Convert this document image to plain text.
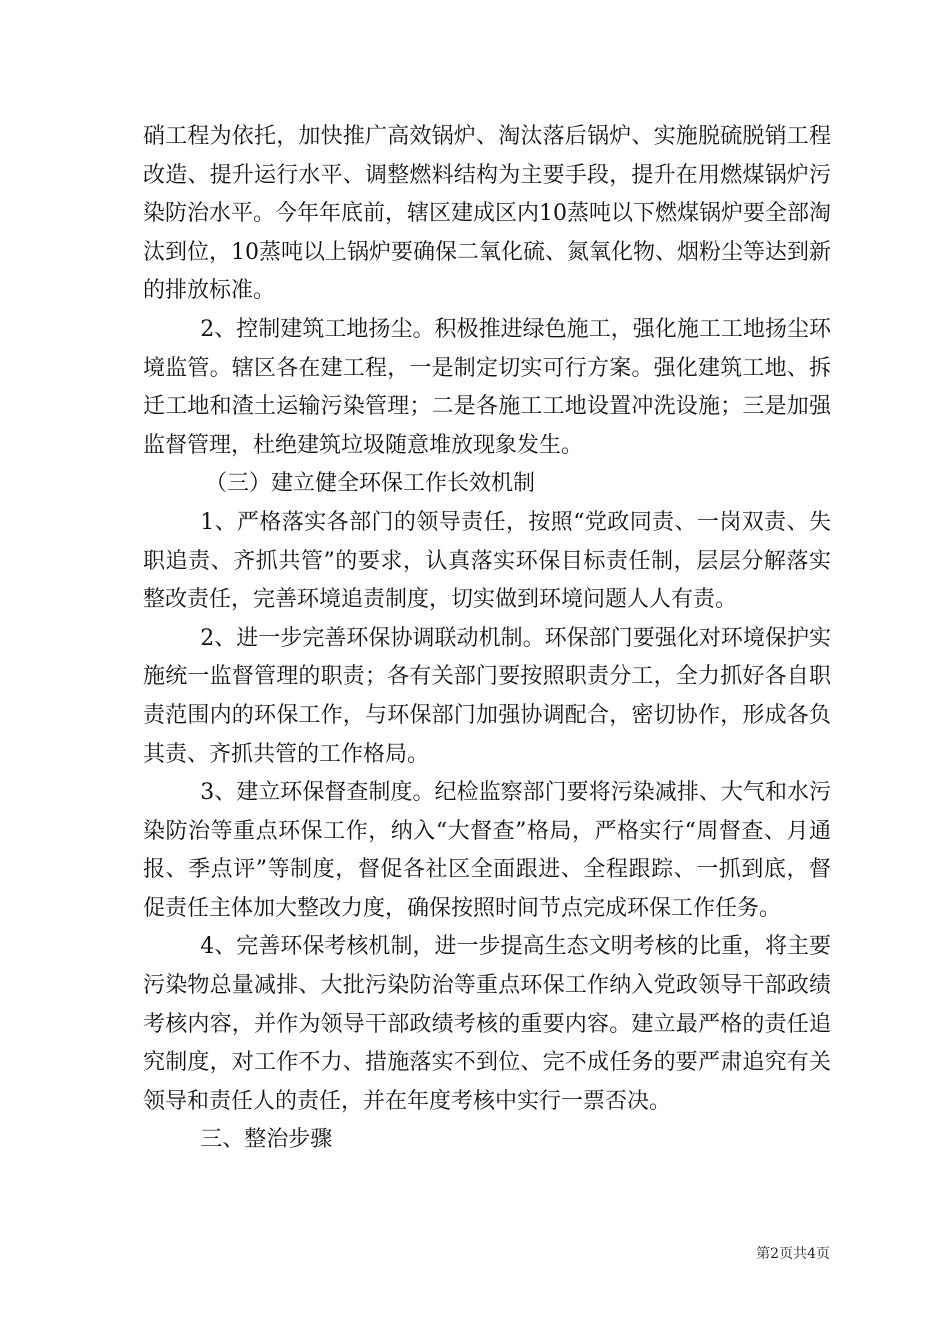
硝工程为依托，加快推广高效锅炉、淘汰落后锅炉、实施脱硫脱销工程改造、提升运行水平、调整燃料结构为主要手段，提升在用燃煤锅炉污染防治水平。今年年底前，辖区建成区内10蒸吨以下燃煤锅炉要全部淘汰到位，10蒸吨以上锅炉要确保二氧化硫、氮氧化物、烟粉尘等达到新的排放标准。

2、控制建筑工地扬尘。积极推进绿色施工，强化施工工地扬尘环境监管。辖区各在建工程，一是制定切实可行方案。强化建筑工地、拆迁工地和渣土运输污染管理；二是各施工工地设置冲洗设施；三是加强监督管理，杜绝建筑垃圾随意堆放现象发生。

（三）建立健全环保工作长效机制

1、严格落实各部门的领导责任，按照“党政同责、一岗双责、失职追责、齐抓共管”的要求，认真落实环保目标责任制，层层分解落实整改责任，完善环境追责制度，切实做到环境问题人人有责。

2、进一步完善环保协调联动机制。环保部门要强化对环境保护实施统一监督管理的职责；各有关部门要按照职责分工，全力抓好各自职责范围内的环保工作，与环保部门加强协调配合，密切协作，形成各负其责、齐抓共管的工作格局。

3、建立环保督查制度。纪检监察部门要将污染减排、大气和水污染防治等重点环保工作，纳入“大督查”格局，严格实行“周督查、月通报、季点评”等制度，督促各社区全面跟进、全程跟踪、一抓到底，督促责任主体加大整改力度，确保按照时间节点完成环保工作任务。

4、完善环保考核机制，进一步提高生态文明考核的比重，将主要污染物总量减排、大批污染防治等重点环保工作纳入党政领导干部政绩考核内容，并作为领导干部政绩考核的重要内容。建立最严格的责任追究制度，对工作不力、措施落实不到位、完不成任务的要严肃追究有关领导和责任人的责任，并在年度考核中实行一票否决。

三、整治步骤

第2页共4页
